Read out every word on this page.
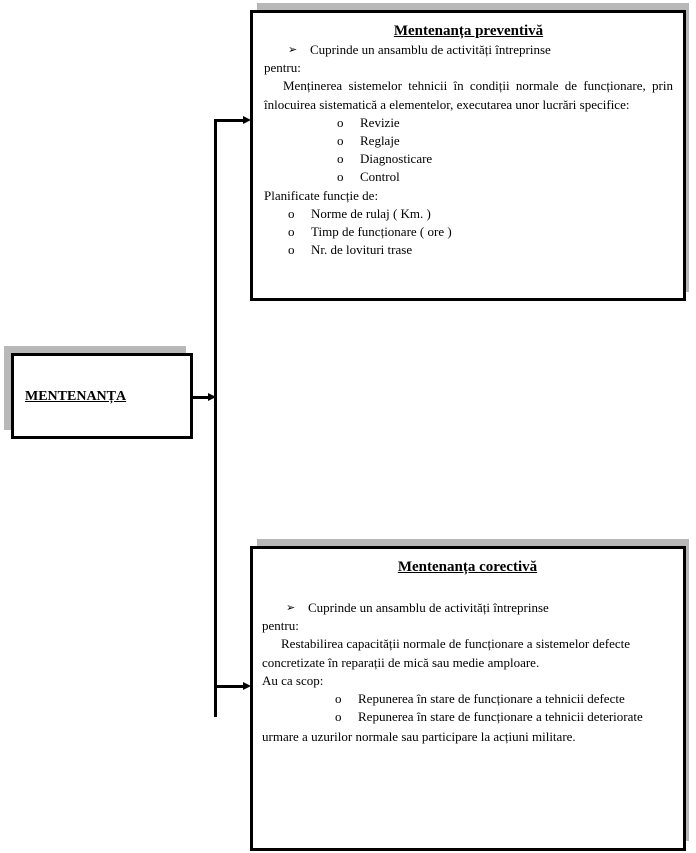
MENTENANȚA
Mentenanța preventivă
➢ Cuprinde un ansamblu de activități întreprinse
pentru:
Menținerea sistemelor tehnicii în condiții normale de funcționare, prin înlocuirea sistematică a elementelor, executarea unor lucrări specifice:
o	Revizie
o	Reglaje
o	Diagnosticare
o	Control
Planificate funcție de:
o	Norme de rulaj ( Km. )
o	Timp de funcționare ( ore )
o	Nr. de lovituri trase
Mentenanța corectivă
➢ Cuprinde un ansamblu de activități întreprinse
pentru:
Restabilirea capacității normale de funcționare a sistemelor defecte concretizate în reparații de mică sau medie amploare.
Au ca scop:
o	Repunerea în stare de funcționare a tehnicii defecte
o	Repunerea în stare de funcționare a tehnicii deteriorate
urmare a uzurilor normale sau participare la acțiuni militare.
